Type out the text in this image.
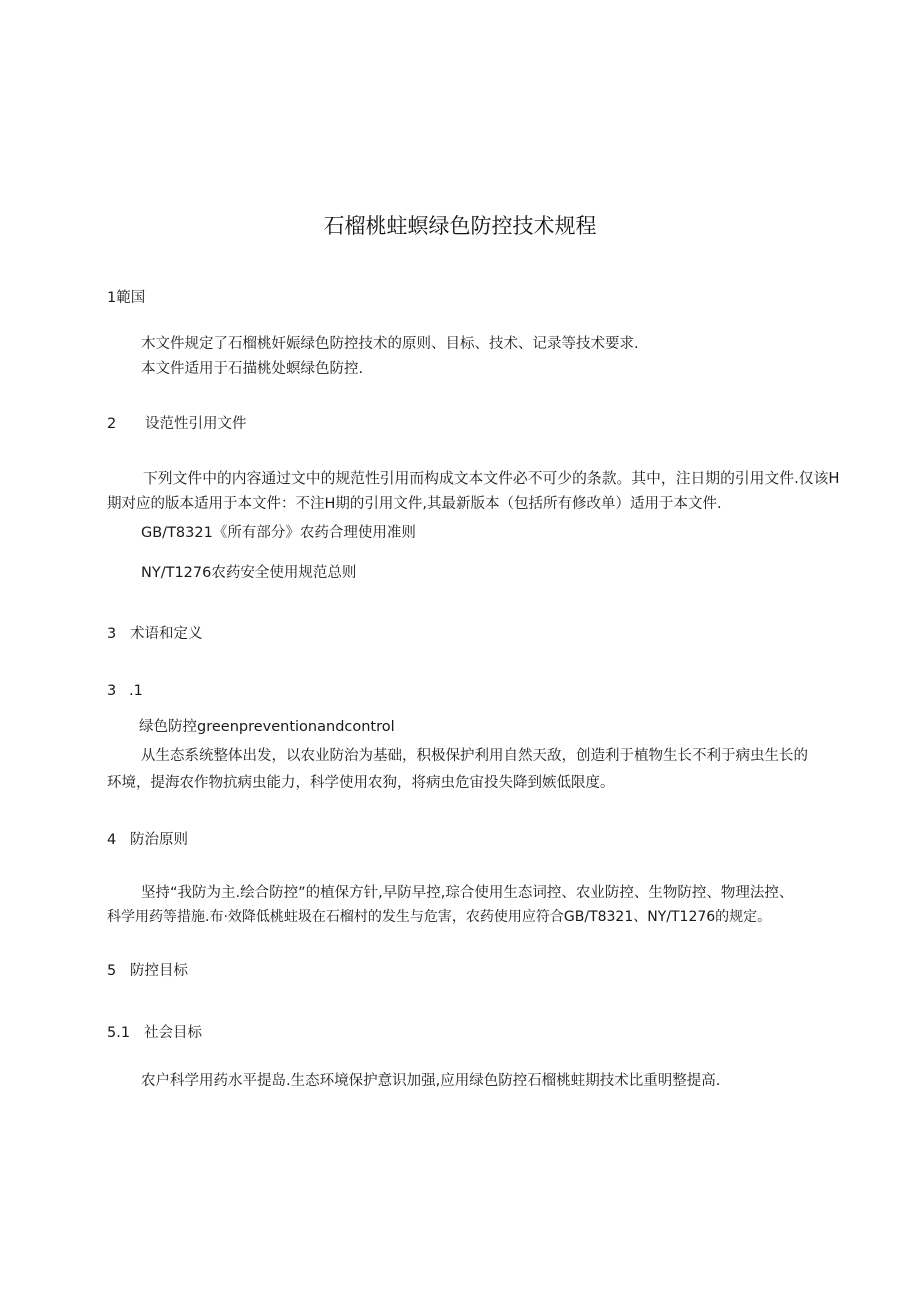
石榴桃蛀螟绿色防控技术规程
1範国
木文件规定了石榴桃奸娠绿色防控技术的原则、目标、技术、记录等技术要求.
本文件适用于石描桃处螟绿色防控.
2 设范性引用文件
下列文件中的内容通过文中的规范性引用而构成文本文件必不可少的条款。其中，注日期的引用文件.仅该H
期对应的版本适用于本文件：不注H期的引用文件,其最新版本（包括所有修改单）适用于本文件.
GB/T8321《所有部分》农药合理使用准则
NY/T1276农药安全使用规范总则
3 术语和定义
3 .1
绿色防控greenpreventionandcontrol
从生态系统整体出发，以农业防治为基础，积极保护利用自然天敌，创造利于植物生长不利于病虫生长的
环境，提海农作物抗病虫能力，科学使用农狗，将病虫危宙投失降到嫉低限度。
4 防治原则
坚持“我防为主.绘合防控”的植保方针,早防早控,琮合使用生态词控、农业防控、生物防控、物理法控、
科学用药等措施.布·效降低桃蛀圾在石榴村的发生与危害，农药使用应符合GB/T8321、NY/T1276的规定。
5 防控目标
5.1 社会目标
农户科学用药水平提岛.生态环境保护意识加强,应用绿色防控石榴桃蛀期技术比重明整提高.
